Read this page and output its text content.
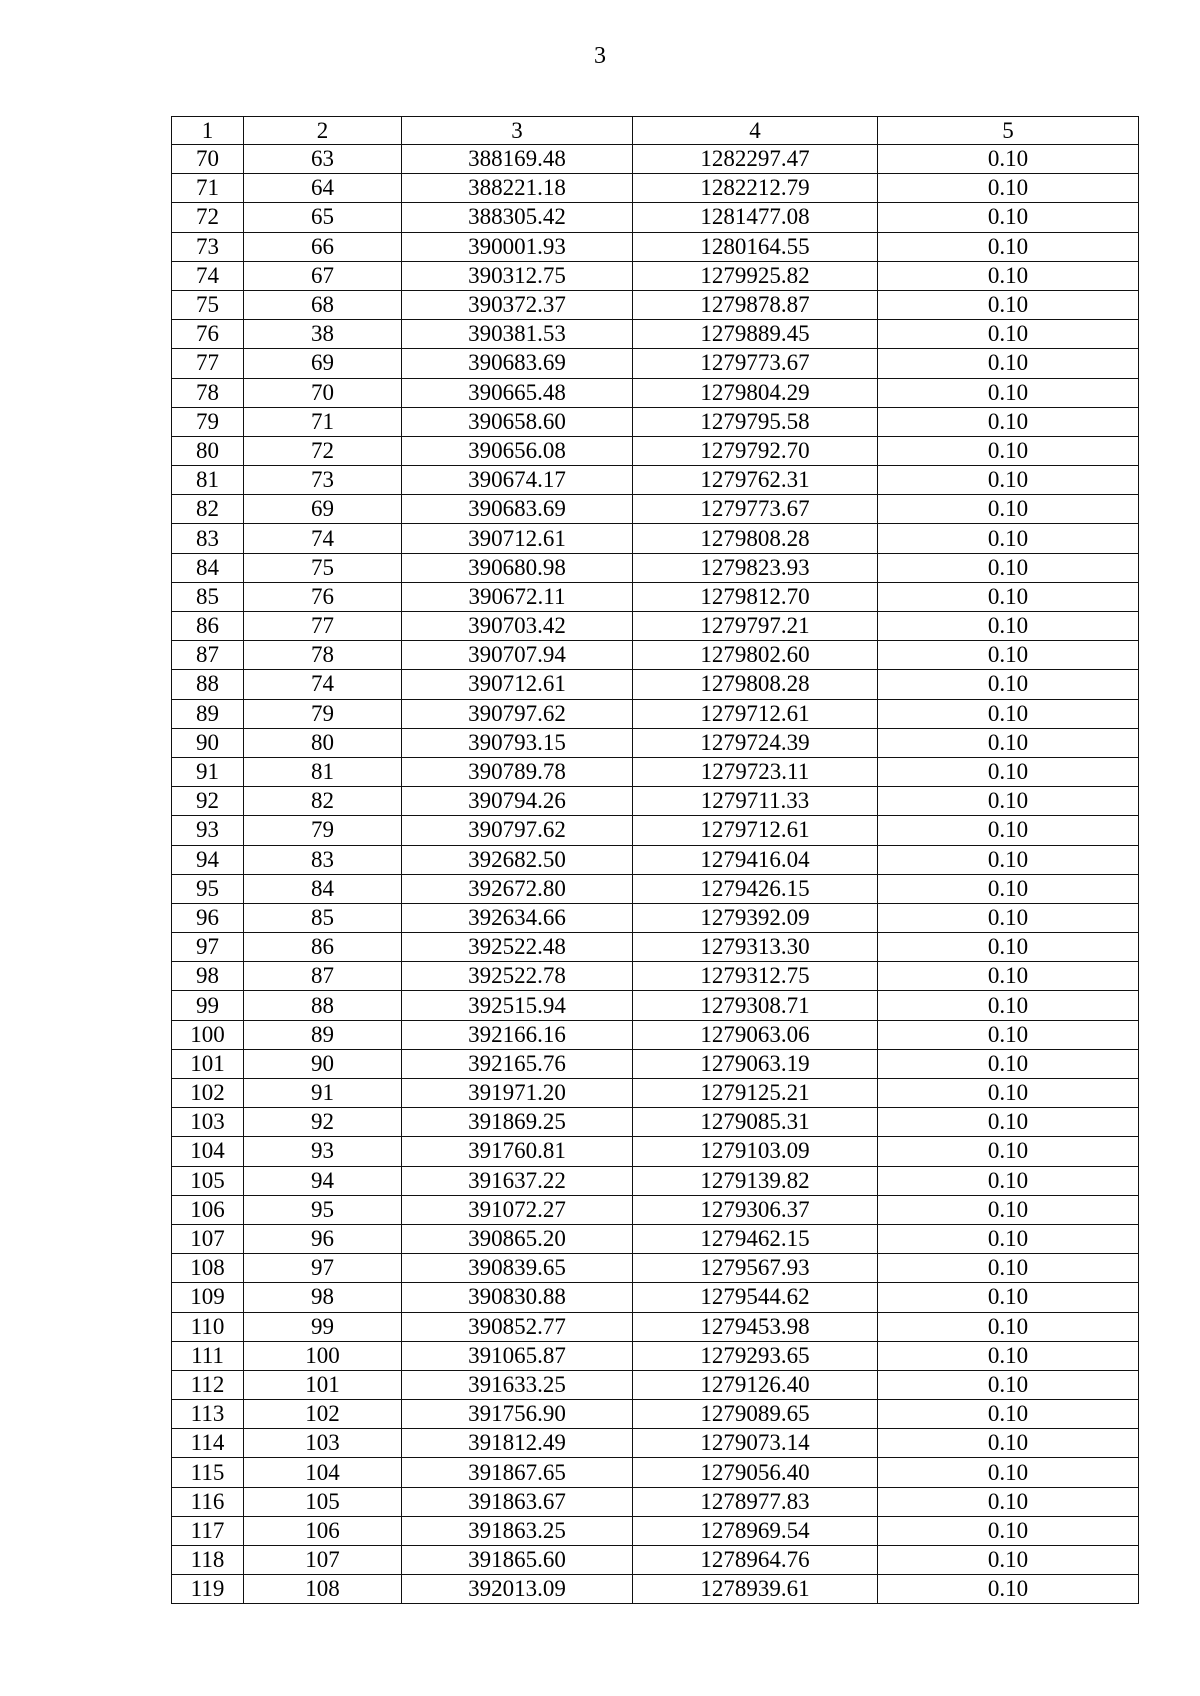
3
1	2	3	4	5
70	63	388169.48	1282297.47	0.10
71	64	388221.18	1282212.79	0.10
72	65	388305.42	1281477.08	0.10
73	66	390001.93	1280164.55	0.10
74	67	390312.75	1279925.82	0.10
75	68	390372.37	1279878.87	0.10
76	38	390381.53	1279889.45	0.10
77	69	390683.69	1279773.67	0.10
78	70	390665.48	1279804.29	0.10
79	71	390658.60	1279795.58	0.10
80	72	390656.08	1279792.70	0.10
81	73	390674.17	1279762.31	0.10
82	69	390683.69	1279773.67	0.10
83	74	390712.61	1279808.28	0.10
84	75	390680.98	1279823.93	0.10
85	76	390672.11	1279812.70	0.10
86	77	390703.42	1279797.21	0.10
87	78	390707.94	1279802.60	0.10
88	74	390712.61	1279808.28	0.10
89	79	390797.62	1279712.61	0.10
90	80	390793.15	1279724.39	0.10
91	81	390789.78	1279723.11	0.10
92	82	390794.26	1279711.33	0.10
93	79	390797.62	1279712.61	0.10
94	83	392682.50	1279416.04	0.10
95	84	392672.80	1279426.15	0.10
96	85	392634.66	1279392.09	0.10
97	86	392522.48	1279313.30	0.10
98	87	392522.78	1279312.75	0.10
99	88	392515.94	1279308.71	0.10
100	89	392166.16	1279063.06	0.10
101	90	392165.76	1279063.19	0.10
102	91	391971.20	1279125.21	0.10
103	92	391869.25	1279085.31	0.10
104	93	391760.81	1279103.09	0.10
105	94	391637.22	1279139.82	0.10
106	95	391072.27	1279306.37	0.10
107	96	390865.20	1279462.15	0.10
108	97	390839.65	1279567.93	0.10
109	98	390830.88	1279544.62	0.10
110	99	390852.77	1279453.98	0.10
111	100	391065.87	1279293.65	0.10
112	101	391633.25	1279126.40	0.10
113	102	391756.90	1279089.65	0.10
114	103	391812.49	1279073.14	0.10
115	104	391867.65	1279056.40	0.10
116	105	391863.67	1278977.83	0.10
117	106	391863.25	1278969.54	0.10
118	107	391865.60	1278964.76	0.10
119	108	392013.09	1278939.61	0.10
